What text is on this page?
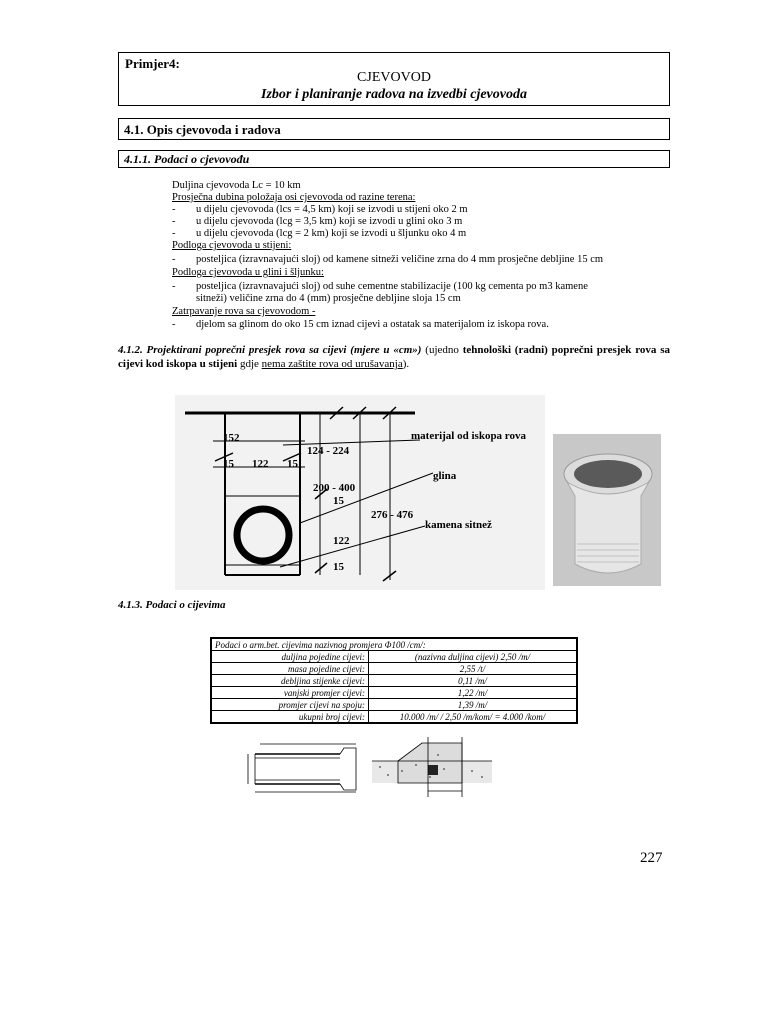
Primjer4:
CJEVOVOD
Izbor i planiranje radova na izvedbi cjevovoda
4.1. Opis cjevovoda i radova
4.1.1. Podaci o cjevovođu
Duljina cjevovoda Lc = 10 km
Prosječna dubina položaja osi cjevovoda od razine terena:
- u dijelu cjevovoda (lcs = 4,5 km) koji se izvodi u stijeni oko 2 m
- u dijelu cjevovoda (lcg = 3,5 km) koji se izvodi u glini oko 3 m
- u dijelu cjevovoda (lcg = 2 km) koji se izvodi u šljunku oko 4 m
Podloga cjevovoda u stijeni:
- posteljica (izravnavajući sloj) od kamene sitneži veličine zrna do 4 mm prosječne debljine 15 cm
Podloga cjevovoda u glini i šljunku:
- posteljica (izravnavajući sloj) od suhe cementne stabilizacije (100 kg cementa po m3 kamene
sitneži) veličine zrna do 4 (mm) prosječne debljine sloja 15 cm
Zatrpavanje rova sa cjevovodom -
- djelom sa glinom do oko 15 cm iznad cijevi a ostatak sa materijalom iz iskopa rova.
4.1.2. Projektirani poprečni presjek rova sa cijevi (mjere u «cm») (ujedno tehnološki (radni) poprečni presjek rova sa cijevi kod iskopa u stijeni gdje nema zaštite rova od urušavanja).
152
15 122 15
124 - 224
200 - 400
15
276 - 476
122
15
materijal od iskopa rova
glina
kamena sitnež
4.1.3. Podaci o cijevima
Podaci o arm.bet. cijevima nazivnog promjera Φ100 /cm/:	
duljina pojedine cijevi:	(nazivna duljina cijevi) 2,50 /m/
masa pojedine cijevi:	2,55 /t/
debljina stijenke cijevi:	0,11 /m/
vanjski promjer cijevi:	1,22 /m/
promjer cijevi na spoju:	1,39 /m/
ukupni broj cijevi:	10.000 /m/ / 2,50 /m/kom/ = 4.000 /kom/
227
